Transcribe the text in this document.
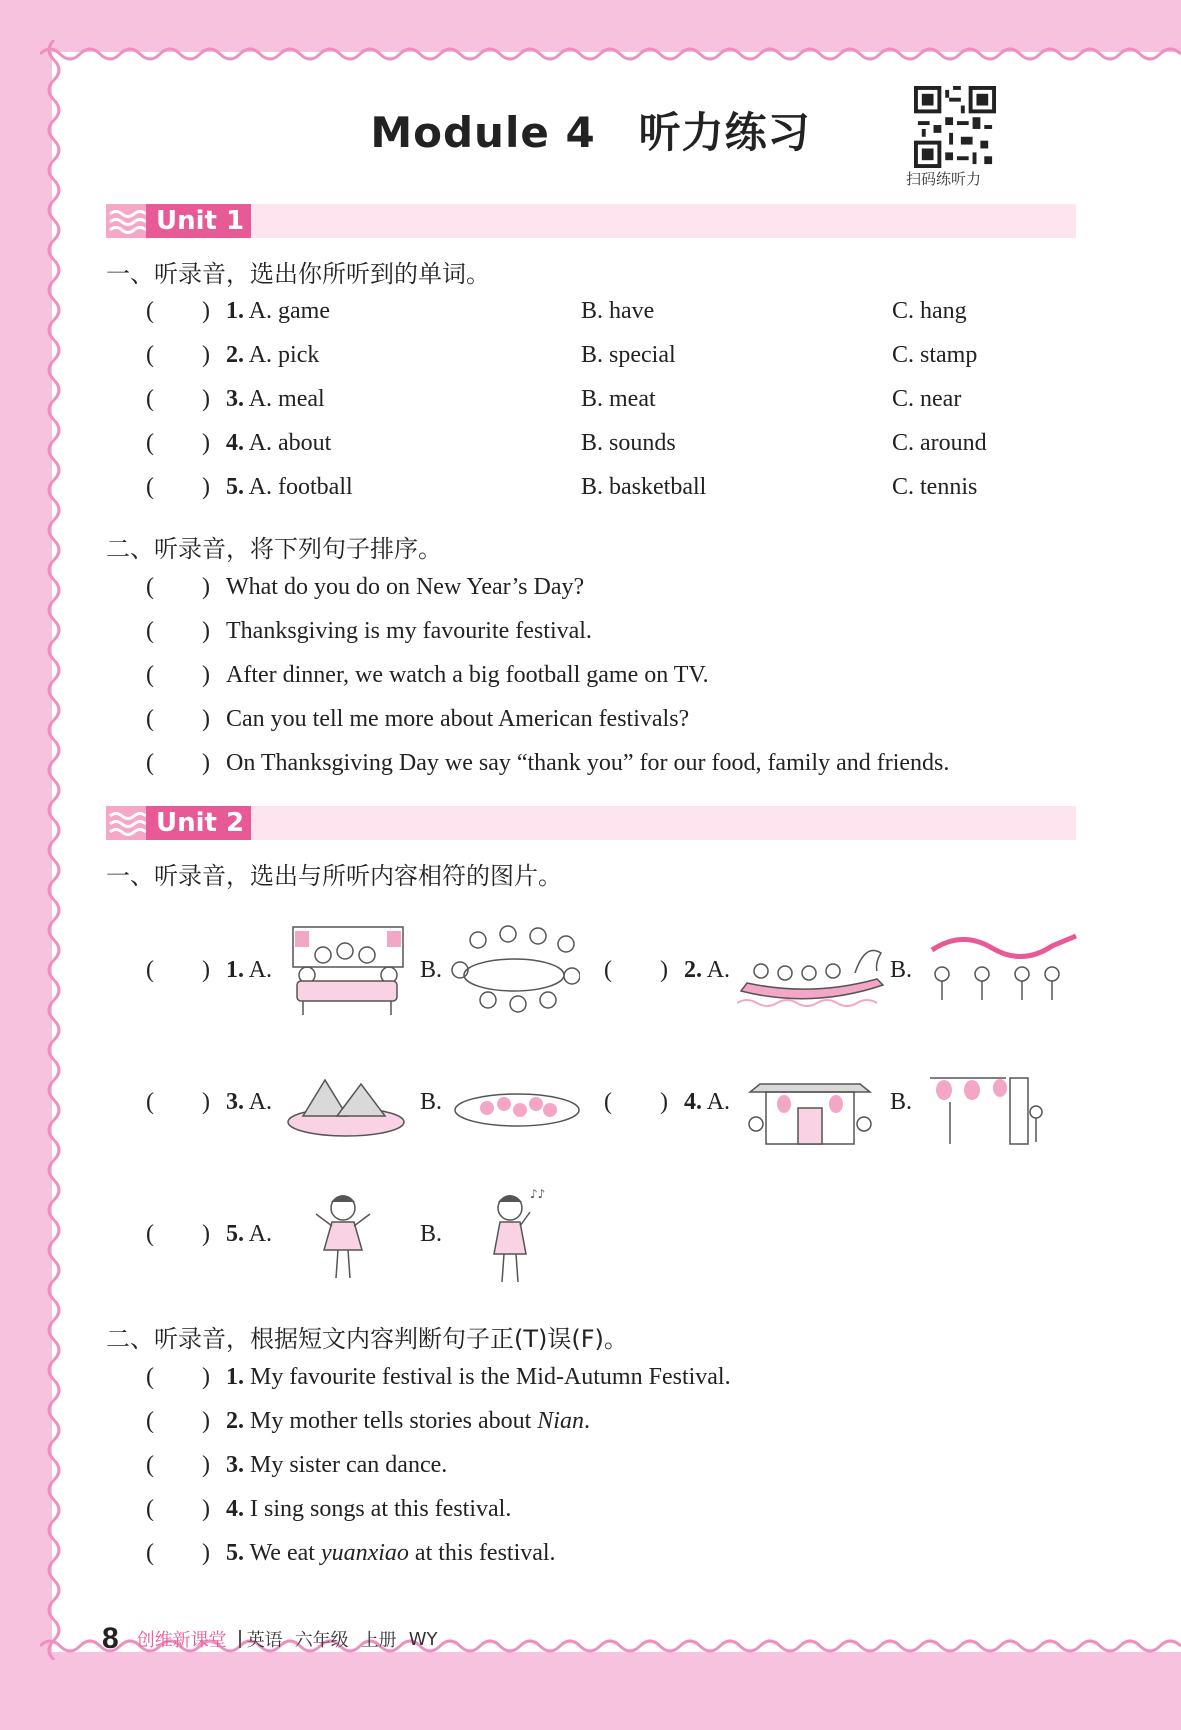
Module 4　听力练习
扫码练听力
Unit 1
一、听录音，选出你所听到的单词。
(        ) 1. A. game	B. have	C. hang
(        ) 2. A. pick	B. special	C. stamp
(        ) 3. A. meal	B. meat	C. near
(        ) 4. A. about	B. sounds	C. around
(        ) 5. A. football	B. basketball	C. tennis
二、听录音，将下列句子排序。
(        ) What do you do on New Year’s Day?
(        ) Thanksgiving is my favourite festival.
(        ) After dinner, we watch a big football game on TV.
(        ) Can you tell me more about American festivals?
(        ) On Thanksgiving Day we say “thank you” for our food, family and friends.
Unit 2
一、听录音，选出与所听内容相符的图片。
(        ) 1. A.	B.	(        ) 2. A.	B.
(        ) 3. A.	B.	(        ) 4. A.	B.
(        ) 5. A.	B.
♪♪
二、听录音，根据短文内容判断句子正(T)误(F)。
(        ) 1. My favourite festival is the Mid-Autumn Festival.
(        ) 2. My mother tells stories about Nian.
(        ) 3. My sister can dance.
(        ) 4. I sing songs at this festival.
(        ) 5. We eat yuanxiao at this festival.
8 创维新课堂 英语 六年级 上册 WY
